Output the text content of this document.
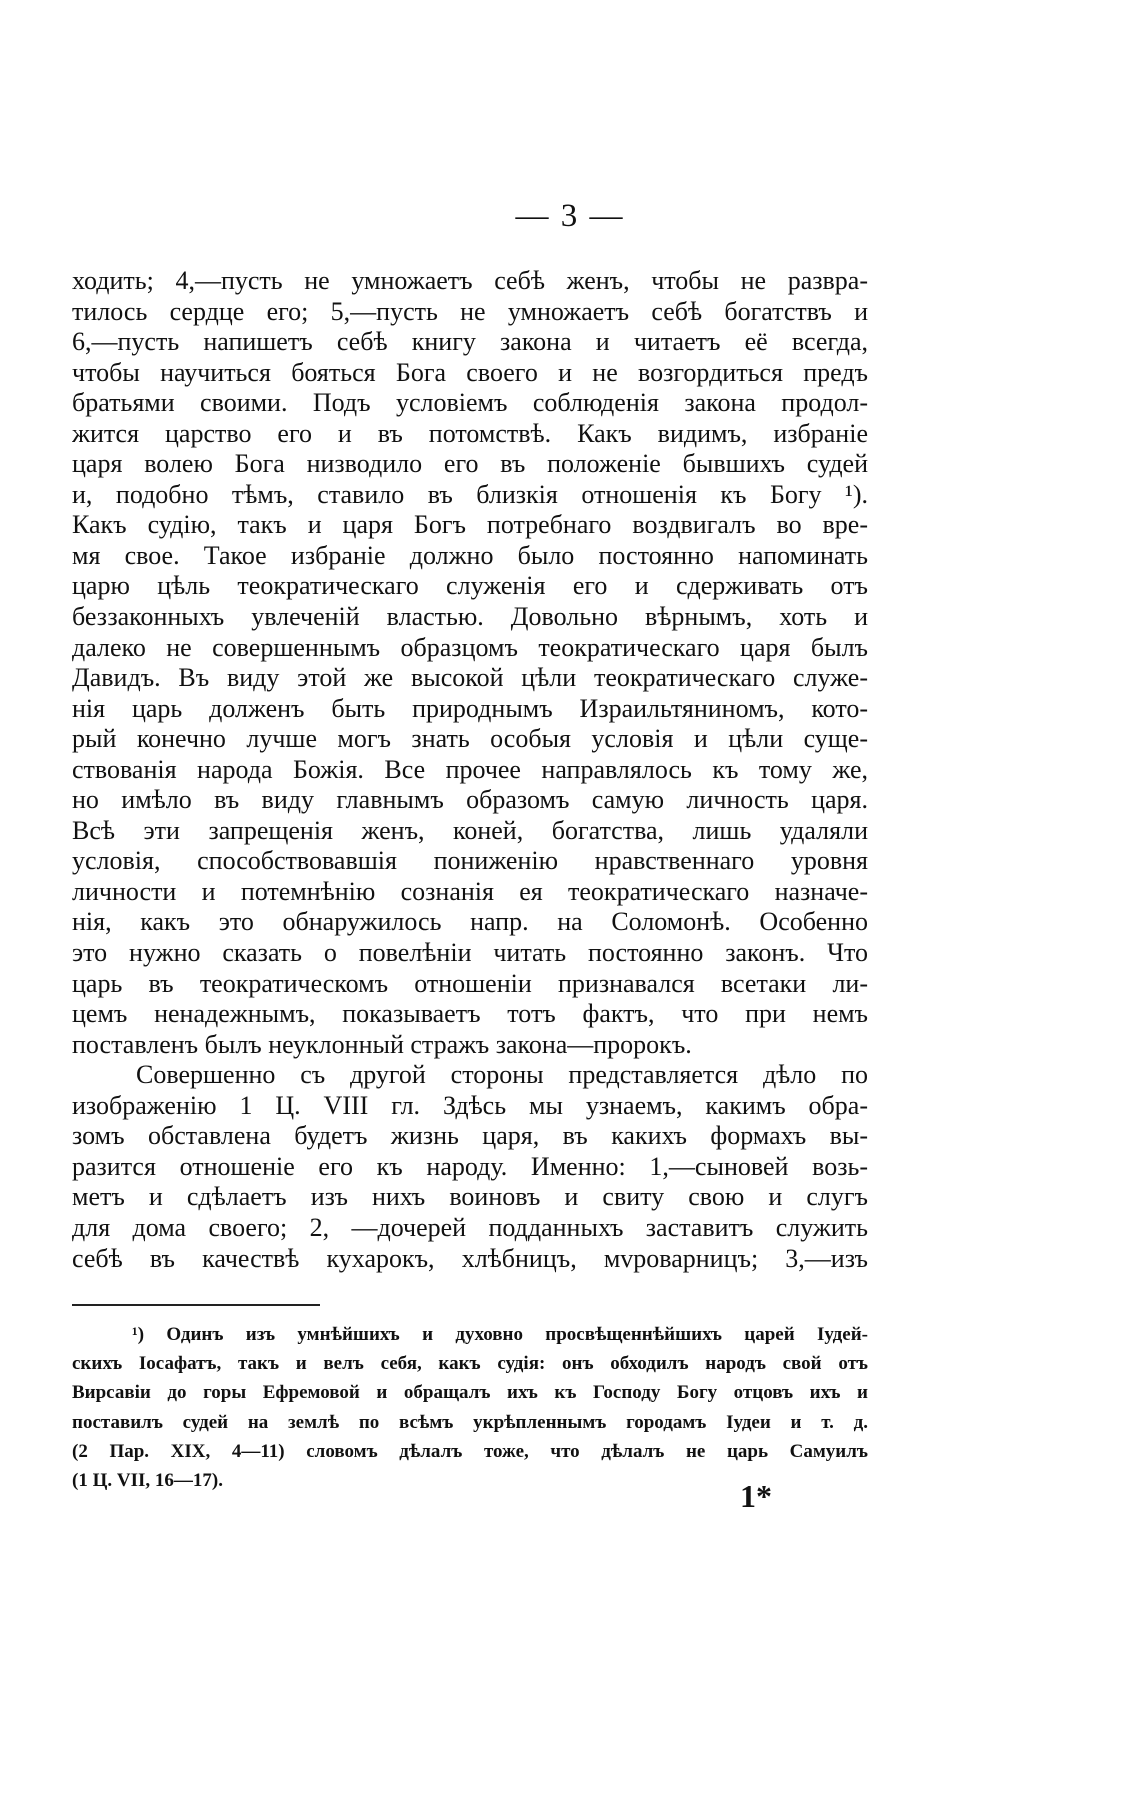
— 3 —
ходить; 4,—пусть не умножаетъ себѣ женъ, чтобы не развра-
тилось сердце его; 5,—пусть не умножаетъ себѣ богатствъ и
6,—пусть напишетъ себѣ книгу закона и читаетъ её всегда,
чтобы научиться бояться Бога своего и не возгордиться предъ
братьями своими. Подъ условіемъ соблюденія закона продол-
жится царство его и въ потомствѣ. Какъ видимъ, избраніе
царя волею Бога низводило его въ положеніе бывшихъ судей
и, подобно тѣмъ, ставило въ близкія отношенія къ Богу ¹).
Какъ судію, такъ и царя Богъ потребнаго воздвигалъ во вре-
мя свое. Такое избраніе должно было постоянно напоминать
царю цѣль теократическаго служенія его и сдерживать отъ
беззаконныхъ увлеченій властью. Довольно вѣрнымъ, хоть и
далеко не совершеннымъ образцомъ теократическаго царя былъ
Давидъ. Въ виду этой же высокой цѣли теократическаго служе-
нія царь долженъ быть природнымъ Израильтяниномъ, кото-
рый конечно лучше могъ знать особыя условія и цѣли суще-
ствованія народа Божія. Все прочее направлялось къ тому же,
но имѣло въ виду главнымъ образомъ самую личность царя.
Всѣ эти запрещенія женъ, коней, богатства, лишь удаляли
условія, способствовавшія пониженію нравственнаго уровня
личности и потемнѣнію сознанія ея теократическаго назначе-
нія, какъ это обнаружилось напр. на Соломонѣ. Особенно
это нужно сказать о повелѣніи читать постоянно законъ. Что
царь въ теократическомъ отношеніи признавался всетаки ли-
цемъ ненадежнымъ, показываетъ тотъ фактъ, что при немъ
поставленъ былъ неуклонный стражъ закона—пророкъ.
Совершенно съ другой стороны представляется дѣло по
изображенію 1 Ц. VIII гл. Здѣсь мы узнаемъ, какимъ обра-
зомъ обставлена будетъ жизнь царя, въ какихъ формахъ вы-
разится отношеніе его къ народу. Именно: 1,—сыновей возь-
метъ и сдѣлаетъ изъ нихъ воиновъ и свиту свою и слугъ
для дома своего; 2, —дочерей подданныхъ заставитъ служить
себѣ въ качествѣ кухарокъ, хлѣбницъ, мvроварницъ; 3,—изъ
¹) Одинъ изъ умнѣйшихъ и духовно просвѣщеннѣйшихъ царей Іудей-
скихъ Іосафатъ, такъ и велъ себя, какъ судія: онъ обходилъ народъ свой отъ
Вирсавіи до горы Ефремовой и обращалъ ихъ къ Господу Богу отцовъ ихъ и
поставилъ судей на землѣ по всѣмъ укрѣпленнымъ городамъ Іудеи и т. д.
(2 Пар. XIX, 4—11) словомъ дѣлалъ тоже, что дѣлалъ не царь Самуилъ
(1 Ц. VII, 16—17).	1*
